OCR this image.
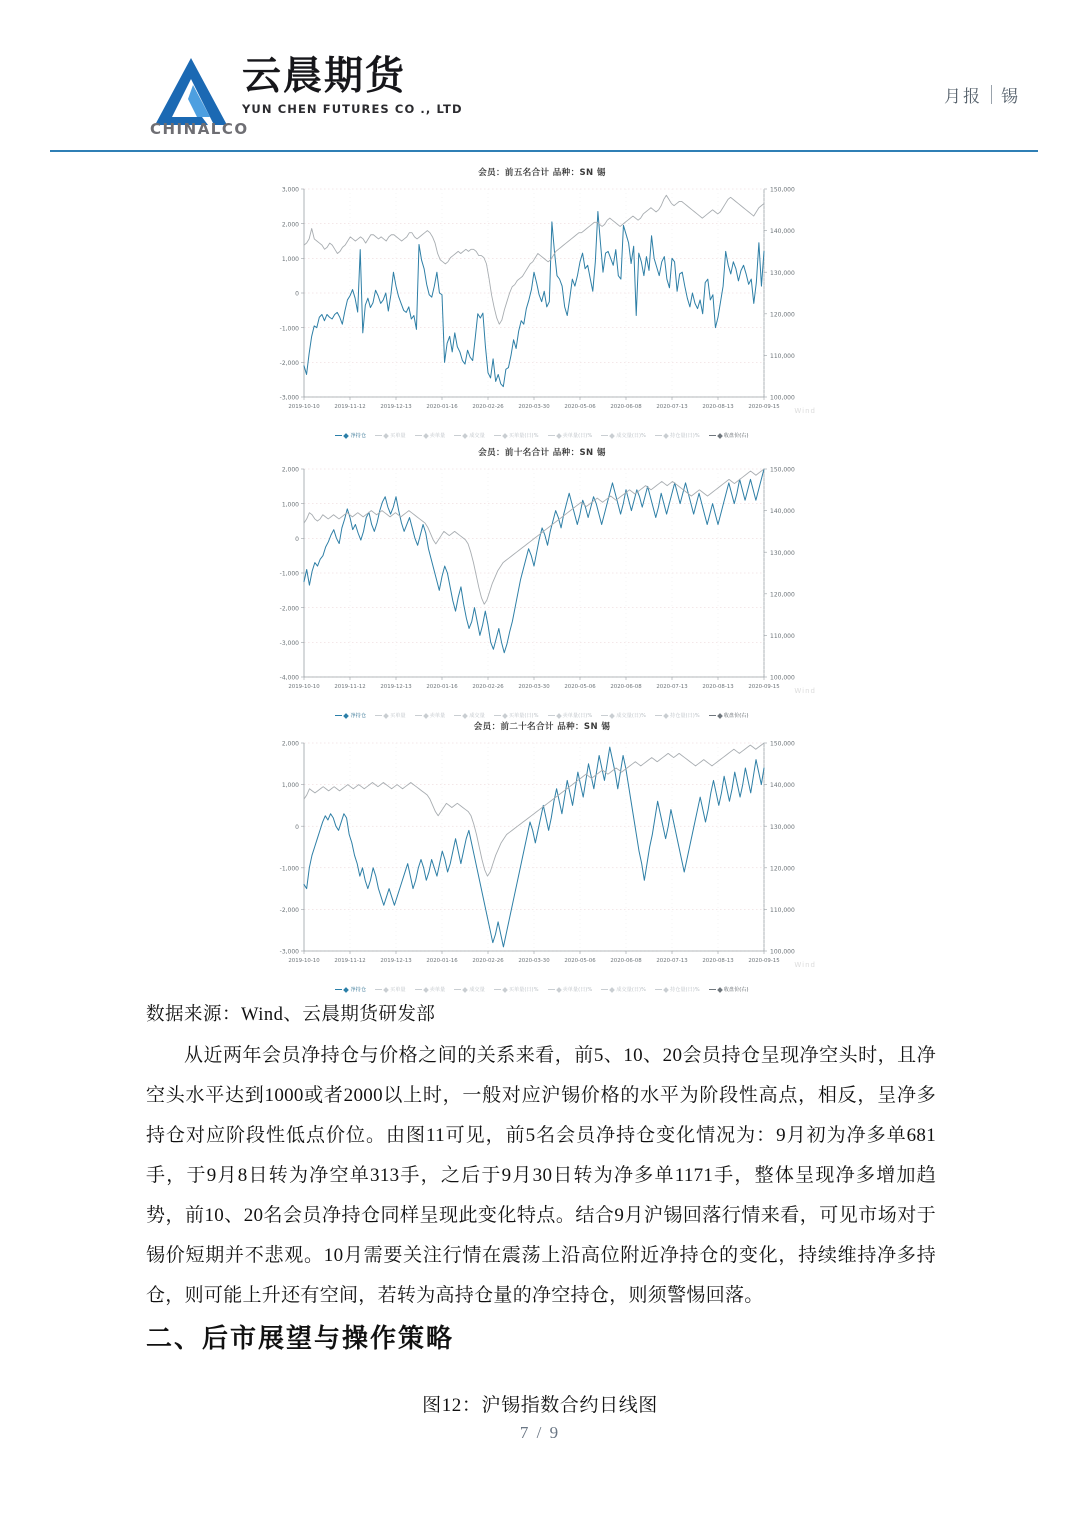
云晨期货
YUN CHEN FUTURES CO ., LTD
CHINALCO
月报 锡
会员：前五名合计 品种：SN 锡
3,000
2,000
1,000
0
-1,000
-2,000
-3,000
150,000
140,000
130,000
120,000
110,000
100,000
2019-10-10	2019-11-12	2019-12-13	2020-01-16	2020-02-26	2020-03-30	2020-05-06	2020-06-08	2020-07-13	2020-08-13	2020-09-15 Wind
净持仓	买单量	卖单量	成交量	买单量(日)%	卖单量(日)%	成交量(日)%	持仓量(日)%	收盘价(右)
会员：前十名合计 品种：SN 锡
2,000
1,000
0
-1,000
-2,000
-3,000
-4,000
150,000
140,000
130,000
120,000
110,000
100,000
2019-10-10	2019-11-12	2019-12-13	2020-01-16	2020-02-26	2020-03-30	2020-05-06	2020-06-08	2020-07-13	2020-08-13	2020-09-15 Wind
净持仓	买单量	卖单量	成交量	买单量(日)%	卖单量(日)%	成交量(日)%	持仓量(日)%	收盘价(右)
会员：前二十名合计 品种：SN 锡
2,000
1,000
0
-1,000
-2,000
-3,000
150,000
140,000
130,000
120,000
110,000
100,000
2019-10-10	2019-11-12	2019-12-13	2020-01-16	2020-02-26	2020-03-30	2020-05-06	2020-06-08	2020-07-13	2020-08-13	2020-09-15 Wind
净持仓	买单量	卖单量	成交量	买单量(日)%	卖单量(日)%	成交量(日)%	持仓量(日)%	收盘价(右)
数据来源：Wind、云晨期货研发部
从近两年会员净持仓与价格之间的关系来看，前5、10、20会员持仓呈现净空头时，且净空头水平达到1000或者2000以上时，一般对应沪锡价格的水平为阶段性高点，相反，呈净多持仓对应阶段性低点价位。由图11可见，前5名会员净持仓变化情况为：9月初为净多单681手，于9月8日转为净空单313手，之后于9月30日转为净多单1171手，整体呈现净多增加趋势，前10、20名会员净持仓同样呈现此变化特点。结合9月沪锡回落行情来看，可见市场对于锡价短期并不悲观。10月需要关注行情在震荡上沿高位附近净持仓的变化，持续维持净多持仓，则可能上升还有空间，若转为高持仓量的净空持仓，则须警惕回落。
二、后市展望与操作策略
图12：沪锡指数合约日线图
7 / 9
